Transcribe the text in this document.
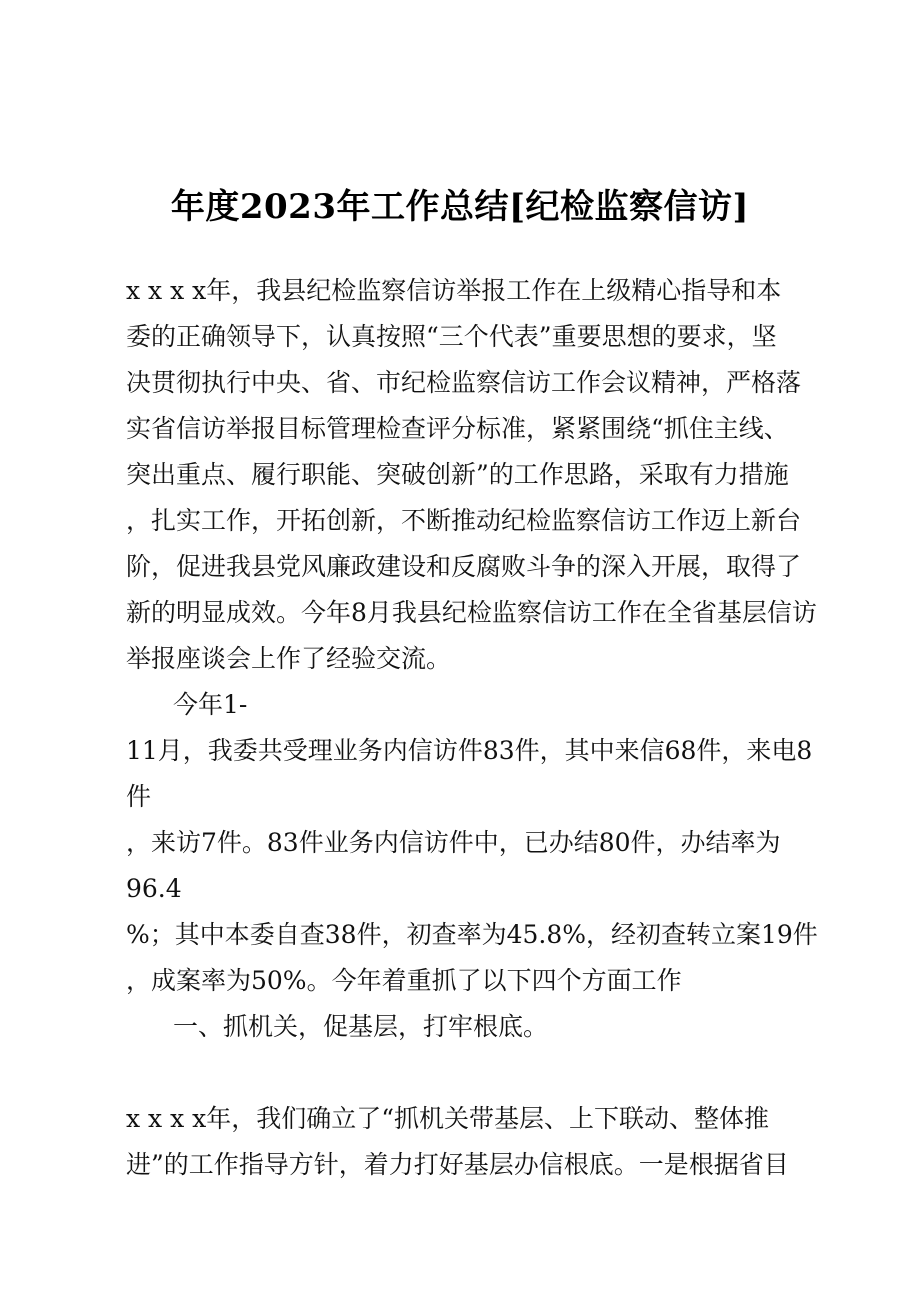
年度2023年工作总结[纪检监察信访]
x x x x年，我县纪检监察信访举报工作在上级精心指导和本
委的正确领导下，认真按照“三个代表”重要思想的要求，坚
决贯彻执行中央、省、市纪检监察信访工作会议精神，严格落
实省信访举报目标管理检查评分标准，紧紧围绕“抓住主线、
突出重点、履行职能、突破创新”的工作思路，采取有力措施
，扎实工作，开拓创新，不断推动纪检监察信访工作迈上新台
阶，促进我县党风廉政建设和反腐败斗争的深入开展，取得了
新的明显成效。今年8月我县纪检监察信访工作在全省基层信访
举报座谈会上作了经验交流。
今年1-
11月，我委共受理业务内信访件83件，其中来信68件，来电8件
，来访7件。83件业务内信访件中，已办结80件，办结率为96.4
%；其中本委自查38件，初查率为45.8%，经初查转立案19件
，成案率为50%。今年着重抓了以下四个方面工作
一、抓机关，促基层，打牢根底。

x x x x年，我们确立了“抓机关带基层、上下联动、整体推
进”的工作指导方针，着力打好基层办信根底。一是根据省目
